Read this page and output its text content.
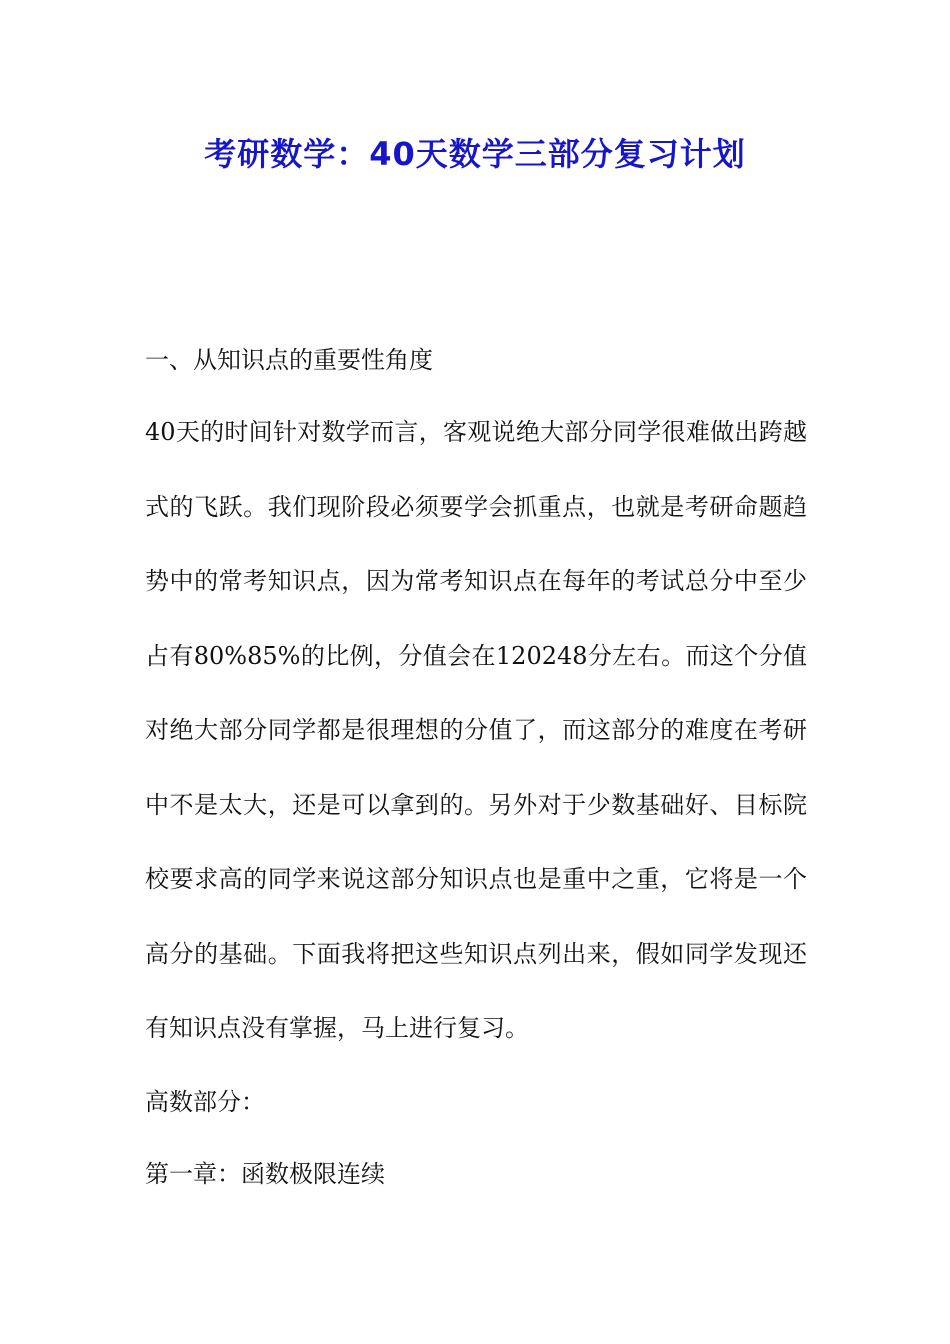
考研数学：40天数学三部分复习计划

一、从知识点的重要性角度

40天的时间针对数学而言，客观说绝大部分同学很难做出跨越式的飞跃。我们现阶段必须要学会抓重点，也就是考研命题趋势中的常考知识点，因为常考知识点在每年的考试总分中至少占有80%85%的比例，分值会在120248分左右。而这个分值对绝大部分同学都是很理想的分值了，而这部分的难度在考研中不是太大，还是可以拿到的。另外对于少数基础好、目标院校要求高的同学来说这部分知识点也是重中之重，它将是一个高分的基础。下面我将把这些知识点列出来，假如同学发现还有知识点没有掌握，马上进行复习。

高数部分：

第一章：函数极限连续
